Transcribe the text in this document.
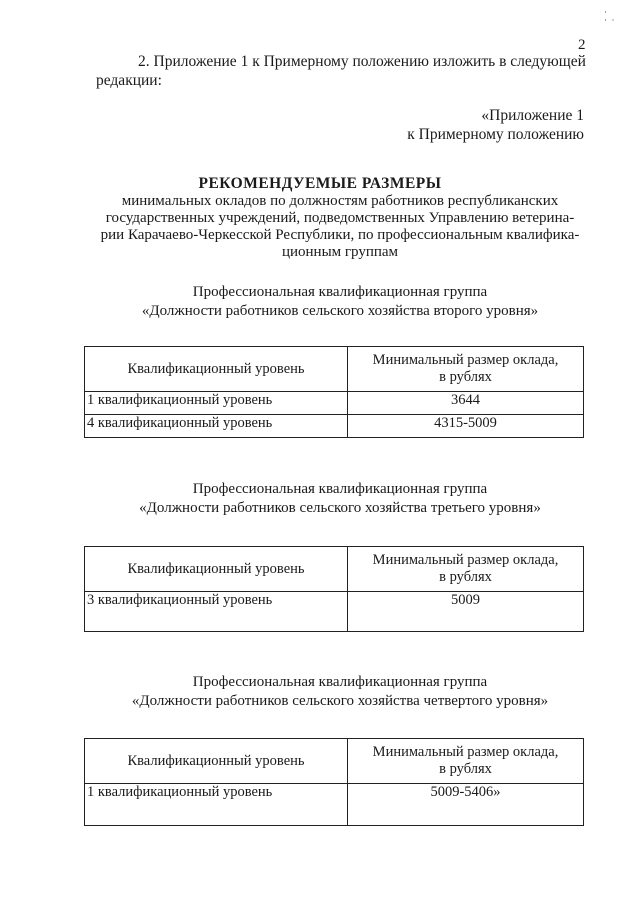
·
·  ·
2
2. Приложение 1 к Примерному положению изложить в следующей редакции:
«Приложение 1
к Примерному положению
РЕКОМЕНДУЕМЫЕ РАЗМЕРЫ
минимальных окладов по должностям работников республиканских
государственных учреждений, подведомственных Управлению ветерина-
рии Карачаево-Черкесской Республики, по профессиональным квалифика-
ционным группам
Профессиональная квалификационная группа
«Должности работников сельского хозяйства второго уровня»
Квалификационный уровень	Минимальный размер оклада,
в рублях

1 квалификационный уровень	3644
4 квалификационный уровень	4315-5009
Профессиональная квалификационная группа
«Должности работников сельского хозяйства третьего уровня»
Квалификационный уровень	Минимальный размер оклада,
в рублях

3 квалификационный уровень	5009
Профессиональная квалификационная группа
«Должности работников сельского хозяйства четвертого уровня»
Квалификационный уровень	Минимальный размер оклада,
в рублях

1 квалификационный уровень	5009-5406»
